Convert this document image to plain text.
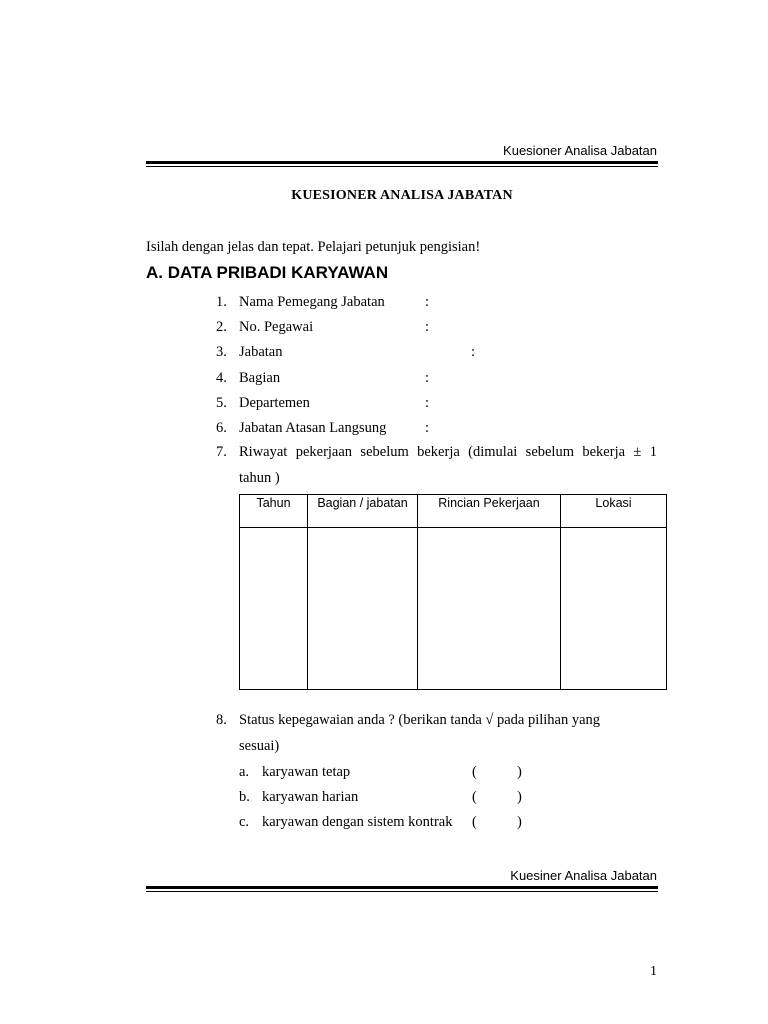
Kuesioner Analisa Jabatan
KUESIONER ANALISA JABATAN
Isilah dengan jelas dan tepat. Pelajari petunjuk pengisian!
A. DATA PRIBADI KARYAWAN
1. Nama Pemegang Jabatan	:
2. No. Pegawai	:
3. Jabatan	:
4. Bagian	:
5. Departemen	:
6. Jabatan Atasan Langsung	:
7. Riwayat pekerjaan sebelum bekerja (dimulai sebelum bekerja ± 1
tahun )
Tahun	Bagian / jabatan	Rincian Pekerjaan	Lokasi

8. Status kepegawaian anda ? (berikan tanda √ pada pilihan yang
sesuai)
a. karyawan tetap	(	)
b. karyawan harian	(	)
c. karyawan dengan sistem kontrak (	)
Kuesiner Analisa Jabatan
1
